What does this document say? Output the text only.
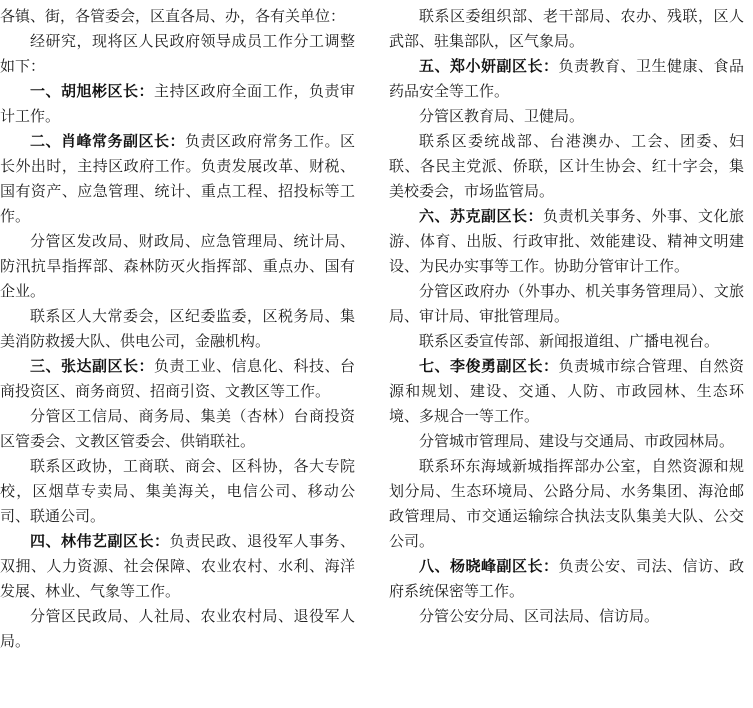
各镇、街，各管委会，区直各局、办，各有关单位：

经研究，现将区人民政府领导成员工作分工调整如下：

一、胡旭彬区长：主持区政府全面工作，负责审计工作。

二、肖峰常务副区长：负责区政府常务工作。区长外出时，主持区政府工作。负责发展改革、财税、国有资产、应急管理、统计、重点工程、招投标等工作。

分管区发改局、财政局、应急管理局、统计局、防汛抗旱指挥部、森林防灭火指挥部、重点办、国有企业。

联系区人大常委会，区纪委监委，区税务局、集美消防救援大队、供电公司，金融机构。

三、张达副区长：负责工业、信息化、科技、台商投资区、商务商贸、招商引资、文教区等工作。

分管区工信局、商务局、集美（杏林）台商投资区管委会、文教区管委会、供销联社。

联系区政协，工商联、商会、区科协，各大专院校，区烟草专卖局、集美海关，电信公司、移动公司、联通公司。

四、林伟艺副区长：负责民政、退役军人事务、双拥、人力资源、社会保障、农业农村、水利、海洋发展、林业、气象等工作。

分管区民政局、人社局、农业农村局、退役军人局。

联系区委组织部、老干部局、农办、残联，区人武部、驻集部队，区气象局。

五、郑小妍副区长：负责教育、卫生健康、食品药品安全等工作。

分管区教育局、卫健局。

联系区委统战部、台港澳办、工会、团委、妇联、各民主党派、侨联，区计生协会、红十字会，集美校委会，市场监管局。

六、苏克副区长：负责机关事务、外事、文化旅游、体育、出版、行政审批、效能建设、精神文明建设、为民办实事等工作。协助分管审计工作。

分管区政府办（外事办、机关事务管理局）、文旅局、审计局、审批管理局。

联系区委宣传部、新闻报道组、广播电视台。

七、李俊勇副区长：负责城市综合管理、自然资源和规划、建设、交通、人防、市政园林、生态环境、多规合一等工作。

分管城市管理局、建设与交通局、市政园林局。

联系环东海域新城指挥部办公室，自然资源和规划分局、生态环境局、公路分局、水务集团、海沧邮政管理局、市交通运输综合执法支队集美大队、公交公司。

八、杨晓峰副区长：负责公安、司法、信访、政府系统保密等工作。

分管公安分局、区司法局、信访局。
